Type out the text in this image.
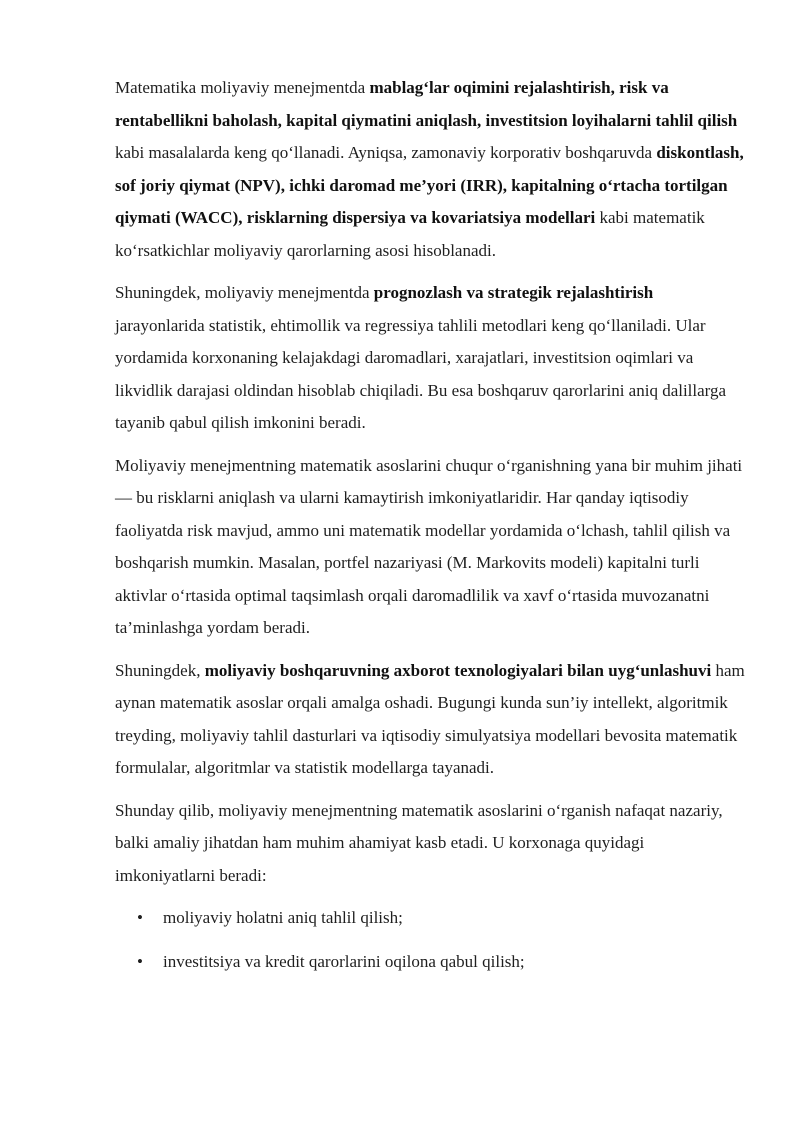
Matematika moliyaviy menejmentda mablag‘lar oqimini rejalashtirish, risk va rentabellikni baholash, kapital qiymatini aniqlash, investitsion loyihalarni tahlil qilish kabi masalalarda keng qo‘llanadi. Ayniqsa, zamonaviy korporativ boshqaruvda diskontlash, sof joriy qiymat (NPV), ichki daromad me’yori (IRR), kapitalning o‘rtacha tortilgan qiymati (WACC), risklarning dispersiya va kovariatsiya modellari kabi matematik ko‘rsatkichlar moliyaviy qarorlarning asosi hisoblanadi.

Shuningdek, moliyaviy menejmentda prognozlash va strategik rejalashtirish jarayonlarida statistik, ehtimollik va regressiya tahlili metodlari keng qo‘llaniladi. Ular yordamida korxonaning kelajakdagi daromadlari, xarajatlari, investitsion oqimlari va likvidlik darajasi oldindan hisoblab chiqiladi. Bu esa boshqaruv qarorlarini aniq dalillarga tayanib qabul qilish imkonini beradi.

Moliyaviy menejmentning matematik asoslarini chuqur o‘rganishning yana bir muhim jihati — bu risklarni aniqlash va ularni kamaytirish imkoniyatlaridir. Har qanday iqtisodiy faoliyatda risk mavjud, ammo uni matematik modellar yordamida o‘lchash, tahlil qilish va boshqarish mumkin. Masalan, portfel nazariyasi (M. Markovits modeli) kapitalni turli aktivlar o‘rtasida optimal taqsimlash orqali daromadlilik va xavf o‘rtasida muvozanatni ta’minlashga yordam beradi.

Shuningdek, moliyaviy boshqaruvning axborot texnologiyalari bilan uyg‘unlashuvi ham aynan matematik asoslar orqali amalga oshadi. Bugungi kunda sun’iy intellekt, algoritmik treyding, moliyaviy tahlil dasturlari va iqtisodiy simulyatsiya modellari bevosita matematik formulalar, algoritmlar va statistik modellarga tayanadi.

Shunday qilib, moliyaviy menejmentning matematik asoslarini o‘rganish nafaqat nazariy, balki amaliy jihatdan ham muhim ahamiyat kasb etadi. U korxonaga quyidagi imkoniyatlarni beradi:

• moliyaviy holatni aniq tahlil qilish;
• investitsiya va kredit qarorlarini oqilona qabul qilish;
